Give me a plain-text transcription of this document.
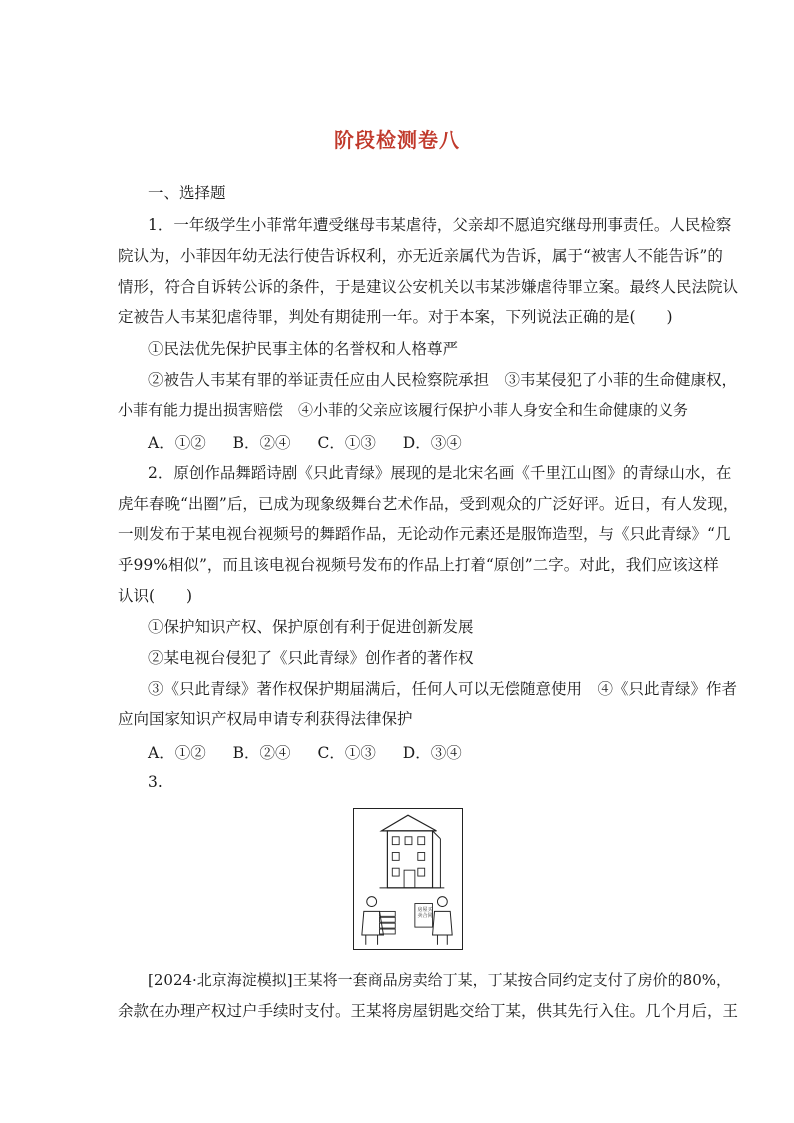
阶段检测卷八
一、选择题
1．一年级学生小菲常年遭受继母韦某虐待，父亲却不愿追究继母刑事责任。人民检察
院认为，小菲因年幼无法行使告诉权利，亦无近亲属代为告诉，属于“被害人不能告诉”的
情形，符合自诉转公诉的条件，于是建议公安机关以韦某涉嫌虐待罪立案。最终人民法院认
定被告人韦某犯虐待罪，判处有期徒刑一年。对于本案，下列说法正确的是(　　)
①民法优先保护民事主体的名誉权和人格尊严
②被告人韦某有罪的举证责任应由人民检察院承担　③韦某侵犯了小菲的生命健康权，
小菲有能力提出损害赔偿　④小菲的父亲应该履行保护小菲人身安全和生命健康的义务
A．①② B．②④ C．①③ D．③④
2．原创作品舞蹈诗剧《只此青绿》展现的是北宋名画《千里江山图》的青绿山水，在
虎年春晚“出圈”后，已成为现象级舞台艺术作品，受到观众的广泛好评。近日，有人发现，
一则发布于某电视台视频号的舞蹈作品，无论动作元素还是服饰造型，与《只此青绿》“几
乎99%相似”，而且该电视台视频号发布的作品上打着“原创”二字。对此，我们应该这样
认识(　　)
①保护知识产权、保护原创有利于促进创新发展
②某电视台侵犯了《只此青绿》创作者的著作权
③《只此青绿》著作权保护期届满后，任何人可以无偿随意使用　④《只此青绿》作者
应向国家知识产权局申请专利获得法律保护
A．①② B．②④ C．①③ D．③④
3.
房屋买卖合同
[2024·北京海淀模拟]王某将一套商品房卖给丁某，丁某按合同约定支付了房价的80%，
余款在办理产权过户手续时支付。王某将房屋钥匙交给丁某，供其先行入住。几个月后，王
